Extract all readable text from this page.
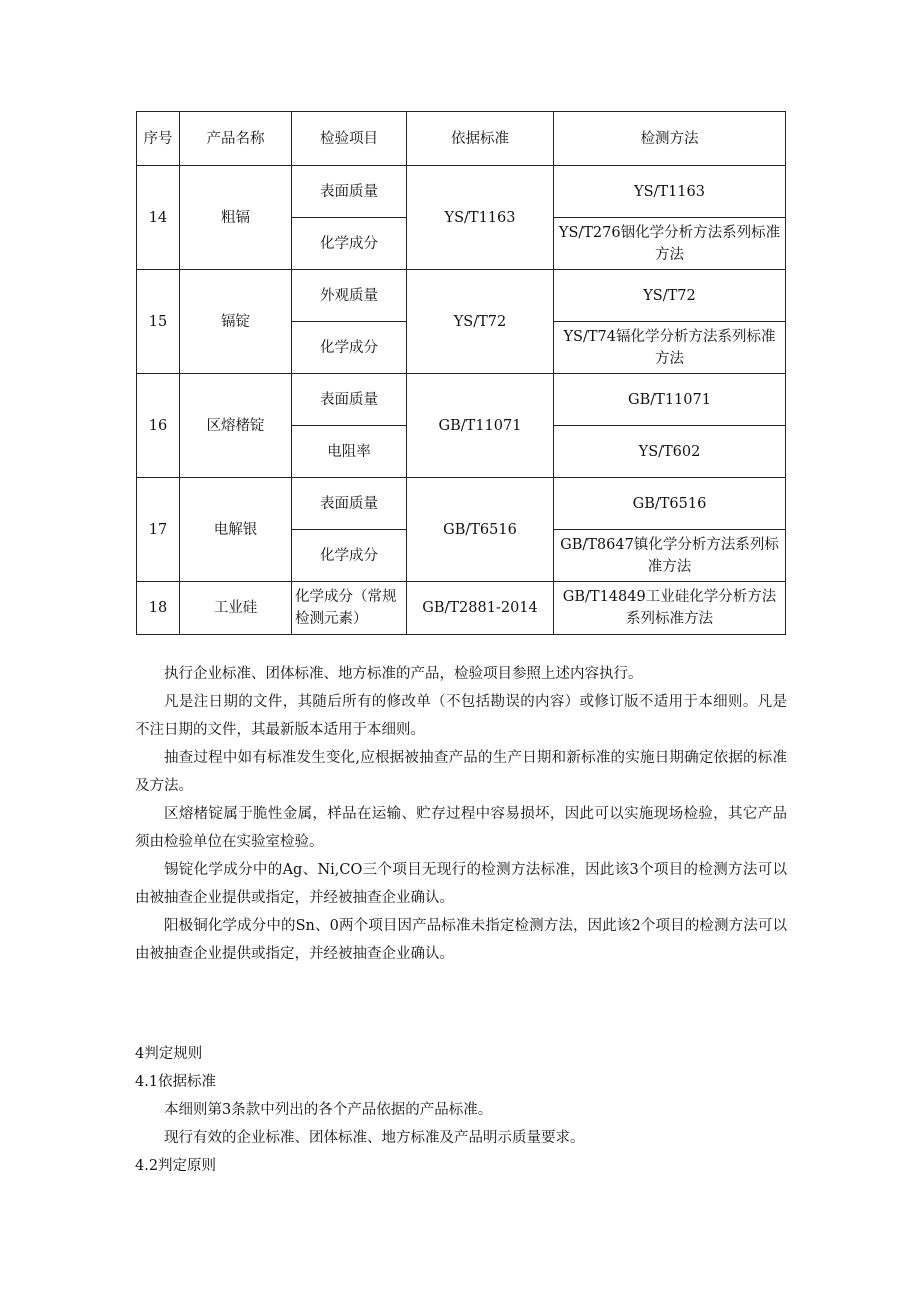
序号	产品名称	检验项目	依据标准	检测方法
14	粗镉	表面质量	YS/T1163	YS/T1163
		化学成分		YS/T276铟化学分析方法系列标准方法
15	镉锭	外观质量	YS/T72	YS/T72
		化学成分		YS/T74镉化学分析方法系列标准方法
16	区熔楮锭	表面质量	GB/T11071	GB/T11071
		电阻率		YS/T602
17	电解银	表面质量	GB/T6516	GB/T6516
		化学成分		GB/T8647镇化学分析方法系列标准方法
18	工业硅	化学成分（常规检测元素）	GB/T2881-2014	GB/T14849工业硅化学分析方法系列标准方法

执行企业标准、团体标准、地方标准的产品，检验项目参照上述内容执行。

凡是注日期的文件，其随后所有的修改单（不包括勘误的内容）或修订版不适用于本细则。凡是不注日期的文件，其最新版本适用于本细则。

抽查过程中如有标准发生变化,应根据被抽查产品的生产日期和新标准的实施日期确定依据的标准及方法。

区熔楮锭属于脆性金属，样品在运输、贮存过程中容易损坏，因此可以实施现场检验，其它产品须由检验单位在实验室检验。

锡锭化学成分中的Ag、Ni,CO三个项目无现行的检测方法标准，因此该3个项目的检测方法可以由被抽查企业提供或指定，并经被抽查企业确认。

阳极铜化学成分中的Sn、0两个项目因产品标准未指定检测方法，因此该2个项目的检测方法可以由被抽查企业提供或指定，并经被抽查企业确认。

4判定规则

4.1依据标准

本细则第3条款中列出的各个产品依据的产品标准。

现行有效的企业标准、团体标准、地方标准及产品明示质量要求。

4.2判定原则
